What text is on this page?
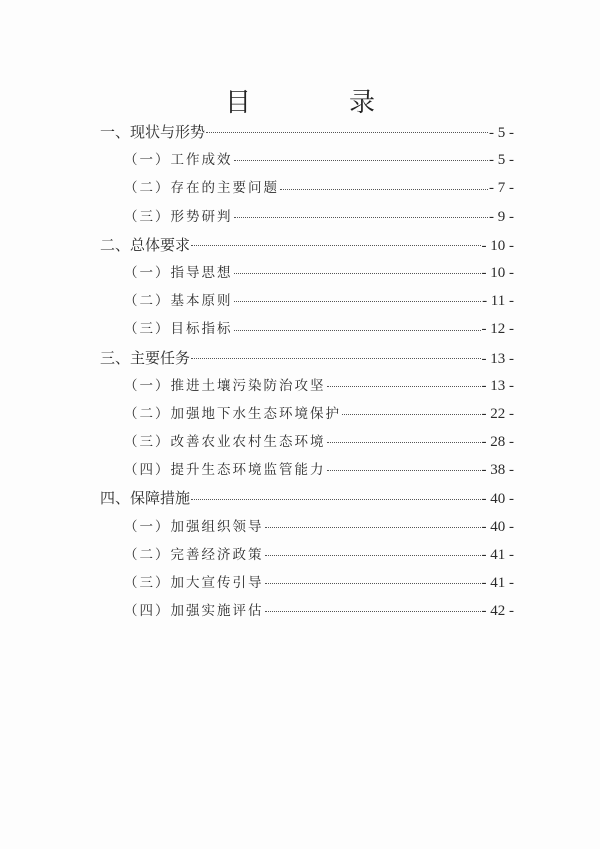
目　录
一、现状与形势	- 5 -
（一）工作成效	- 5 -
（二）存在的主要问题	- 7 -
（三）形势研判	- 9 -
二、总体要求	- 10 -
（一）指导思想	- 10 -
（二）基本原则	- 11 -
（三）目标指标	- 12 -
三、主要任务	- 13 -
（一）推进土壤污染防治攻坚	- 13 -
（二）加强地下水生态环境保护	- 22 -
（三）改善农业农村生态环境	- 28 -
（四）提升生态环境监管能力	- 38 -
四、保障措施	- 40 -
（一）加强组织领导	- 40 -
（二）完善经济政策	- 41 -
（三）加大宣传引导	- 41 -
（四）加强实施评估	- 42 -
